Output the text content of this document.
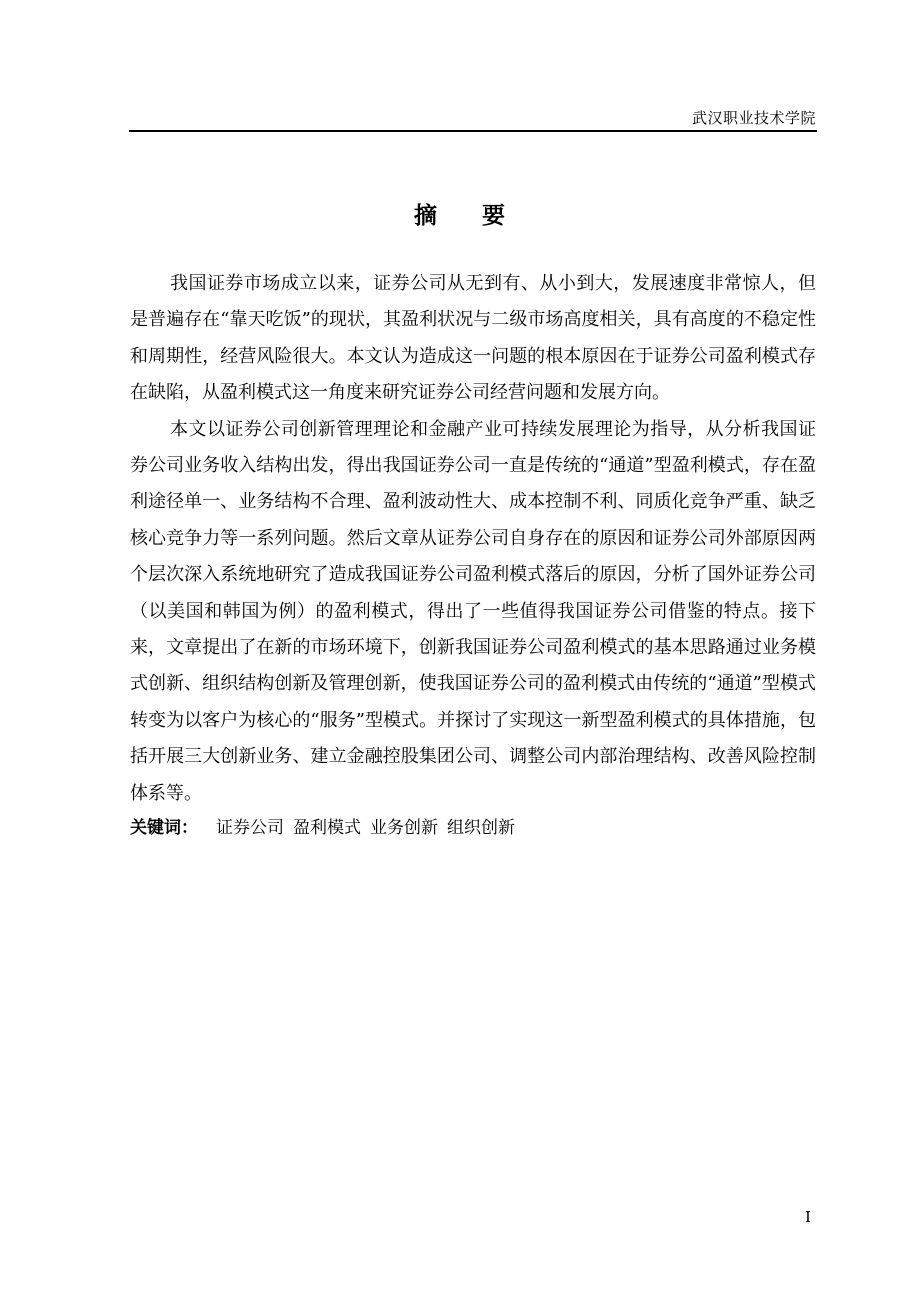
武汉职业技术学院
摘 要

我国证券市场成立以来，证券公司从无到有、从小到大，发展速度非常惊人，但是普遍存在“靠天吃饭”的现状，其盈利状况与二级市场高度相关，具有高度的不稳定性和周期性，经营风险很大。本文认为造成这一问题的根本原因在于证券公司盈利模式存在缺陷，从盈利模式这一角度来研究证券公司经营问题和发展方向。

本文以证券公司创新管理理论和金融产业可持续发展理论为指导，从分析我国证券公司业务收入结构出发，得出我国证券公司一直是传统的“通道”型盈利模式，存在盈利途径单一、业务结构不合理、盈利波动性大、成本控制不利、同质化竞争严重、缺乏核心竞争力等一系列问题。然后文章从证券公司自身存在的原因和证券公司外部原因两个层次深入系统地研究了造成我国证券公司盈利模式落后的原因，分析了国外证券公司（以美国和韩国为例）的盈利模式，得出了一些值得我国证券公司借鉴的特点。接下来，文章提出了在新的市场环境下，创新我国证券公司盈利模式的基本思路通过业务模式创新、组织结构创新及管理创新，使我国证券公司的盈利模式由传统的“通道”型模式转变为以客户为核心的“服务”型模式。并探讨了实现这一新型盈利模式的具体措施，包括开展三大创新业务、建立金融控股集团公司、调整公司内部治理结构、改善风险控制体系等。

关键词： 证券公司 盈利模式 业务创新 组织创新
I
